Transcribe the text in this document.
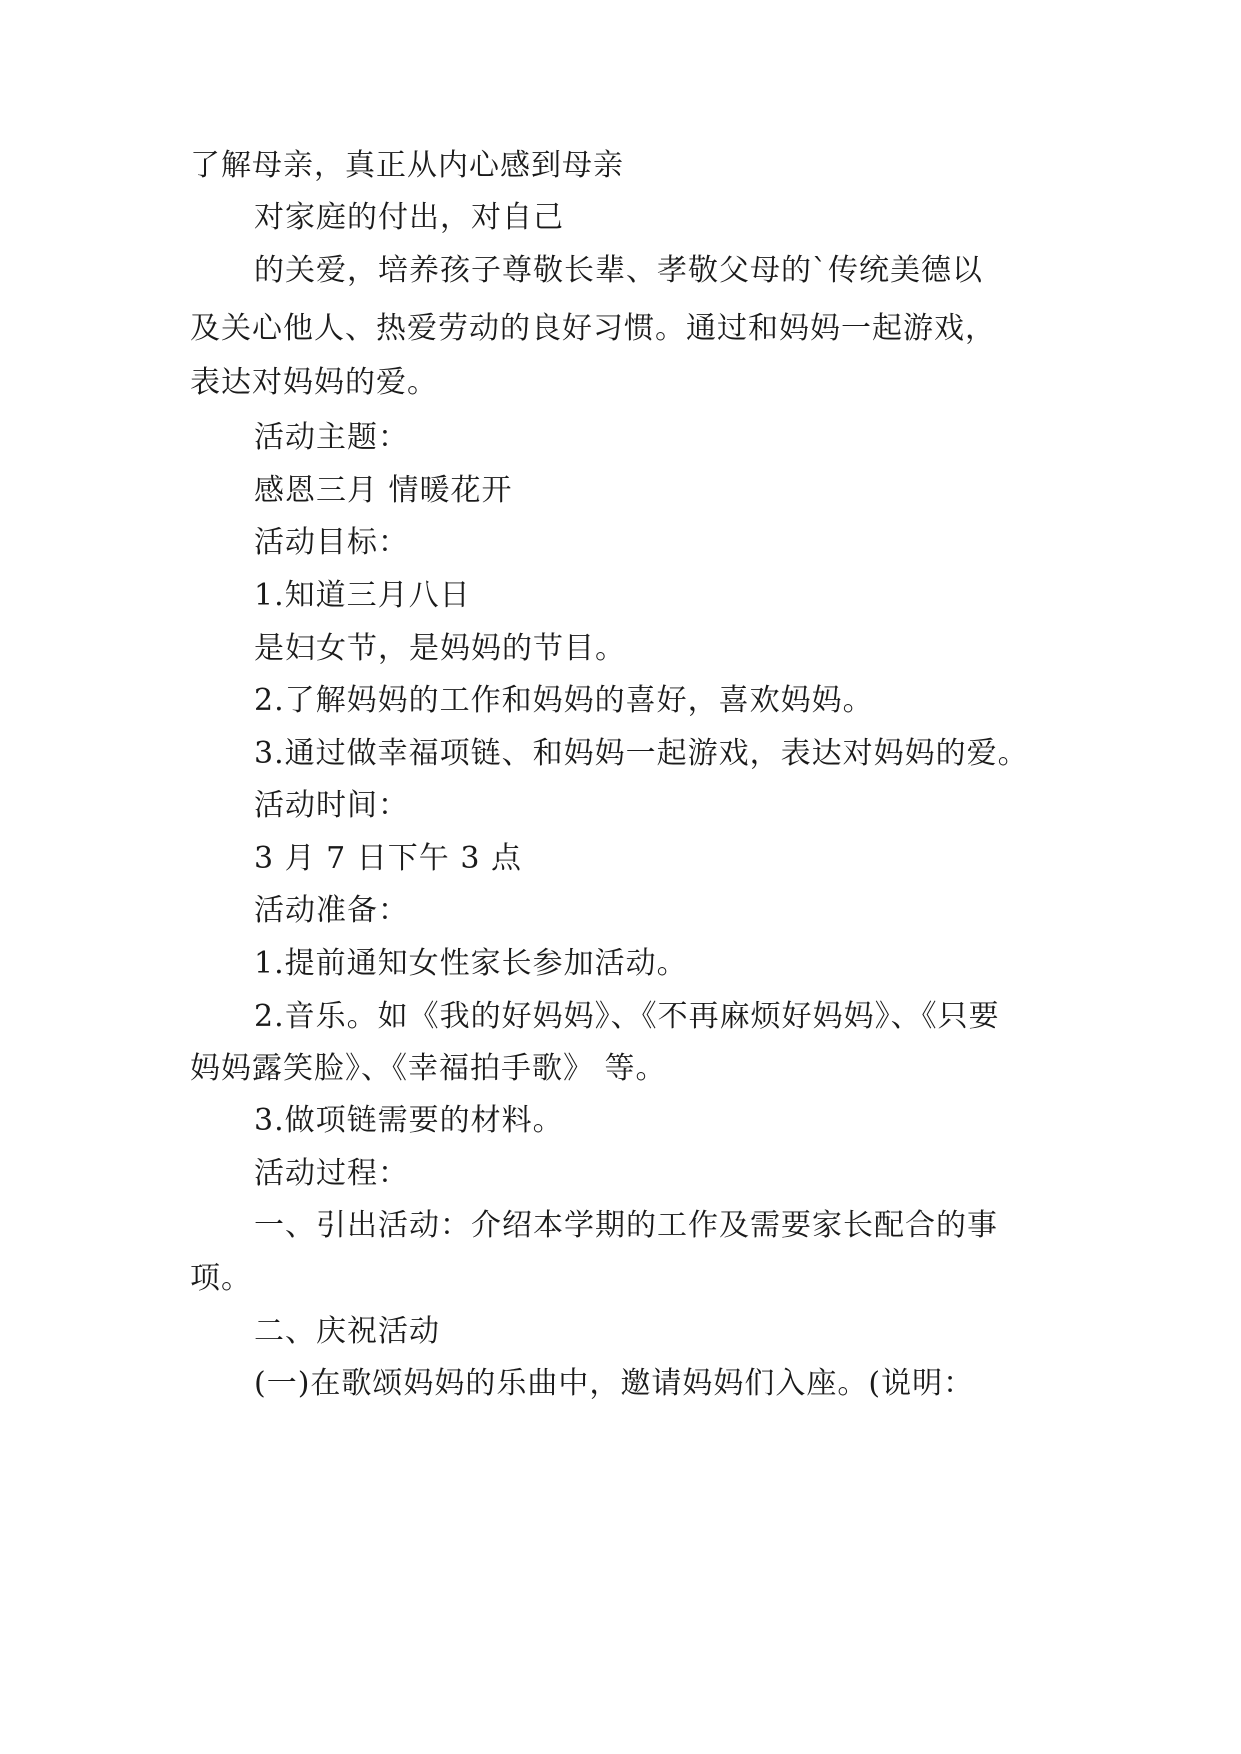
了解母亲，真正从内心感到母亲
对家庭的付出，对自己
的关爱，培养孩子尊敬长辈、孝敬父母的`传统美德以
及关心他人、热爱劳动的良好习惯。通过和妈妈一起游戏，
表达对妈妈的爱。
活动主题：
感恩三月 情暖花开
活动目标：
1.知道三月八日
是妇女节，是妈妈的节目。
2.了解妈妈的工作和妈妈的喜好，喜欢妈妈。
3.通过做幸福项链、和妈妈一起游戏，表达对妈妈的爱。
活动时间：
3 月 7 日下午 3 点
活动准备：
1.提前通知女性家长参加活动。
2.音乐。如《我的好妈妈》、《不再麻烦好妈妈》、《只要
妈妈露笑脸》、《幸福拍手歌》 等。
3.做项链需要的材料。
活动过程：
一、引出活动：介绍本学期的工作及需要家长配合的事
项。
二、庆祝活动
(一)在歌颂妈妈的乐曲中，邀请妈妈们入座。(说明：
